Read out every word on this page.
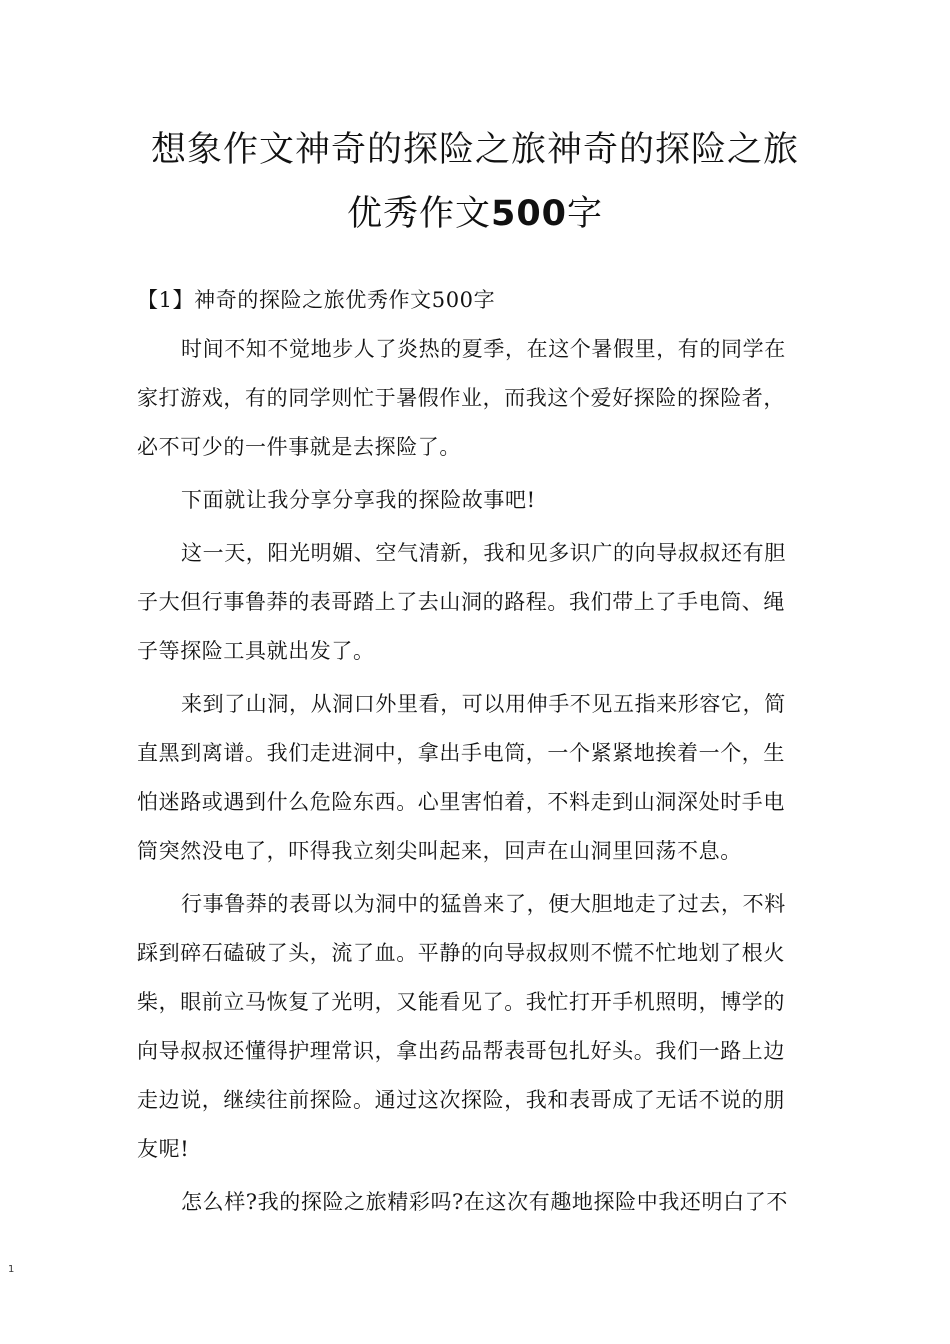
想象作文神奇的探险之旅神奇的探险之旅
优秀作文500字
【1】神奇的探险之旅优秀作文500字

时间不知不觉地步人了炎热的夏季，在这个暑假里，有的同学在
家打游戏，有的同学则忙于暑假作业，而我这个爱好探险的探险者，
必不可少的一件事就是去探险了。

下面就让我分享分享我的探险故事吧!

这一天，阳光明媚、空气清新，我和见多识广的向导叔叔还有胆
子大但行事鲁莽的表哥踏上了去山洞的路程。我们带上了手电筒、绳
子等探险工具就出发了。

来到了山洞，从洞口外里看，可以用伸手不见五指来形容它，简
直黑到离谱。我们走进洞中，拿出手电筒，一个紧紧地挨着一个，生
怕迷路或遇到什么危险东西。心里害怕着，不料走到山洞深处时手电
筒突然没电了，吓得我立刻尖叫起来，回声在山洞里回荡不息。

行事鲁莽的表哥以为洞中的猛兽来了，便大胆地走了过去，不料
踩到碎石磕破了头，流了血。平静的向导叔叔则不慌不忙地划了根火
柴，眼前立马恢复了光明，又能看见了。我忙打开手机照明，博学的
向导叔叔还懂得护理常识，拿出药品帮表哥包扎好头。我们一路上边
走边说，继续往前探险。通过这次探险，我和表哥成了无话不说的朋
友呢!

怎么样?我的探险之旅精彩吗?在这次有趣地探险中我还明白了不

1
